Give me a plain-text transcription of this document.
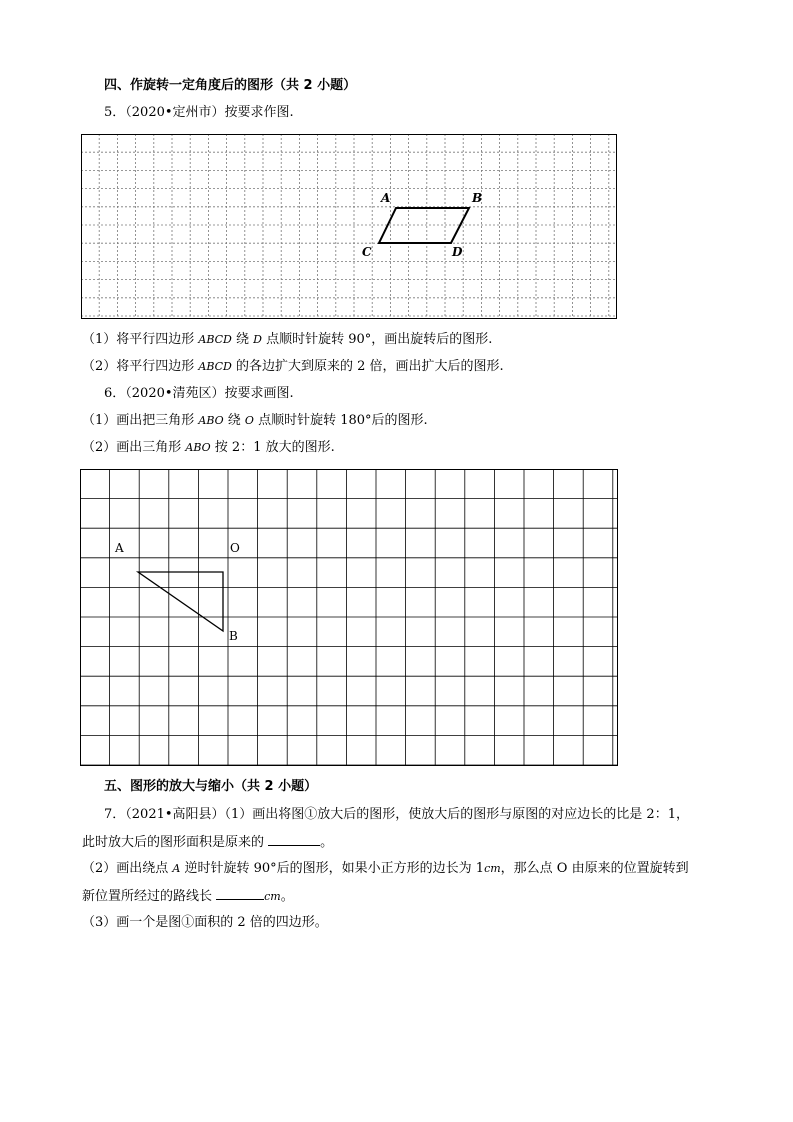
四、作旋转一定角度后的图形（共 2 小题）
5．（2020•定州市）按要求作图.
A	B
C	D
（1）将平行四边形 ABCD 绕 D 点顺时针旋转 90°，画出旋转后的图形.
（2）将平行四边形 ABCD 的各边扩大到原来的 2 倍，画出扩大后的图形.
6．（2020•清苑区）按要求画图.
（1）画出把三角形 ABO 绕 O 点顺时针旋转 180°后的图形.
（2）画出三角形 ABO 按 2：1 放大的图形.
A	O
B
五、图形的放大与缩小（共 2 小题）
7．（2021•高阳县）（1）画出将图①放大后的图形，使放大后的图形与原图的对应边长的比是 2：1，
此时放大后的图形面积是原来的	。
（2）画出绕点 A 逆时针旋转 90°后的图形，如果小正方形的边长为 1cm，那么点 O 由原来的位置旋转到
新位置所经过的路线长	cm。
（3）画一个是图①面积的 2 倍的四边形。
